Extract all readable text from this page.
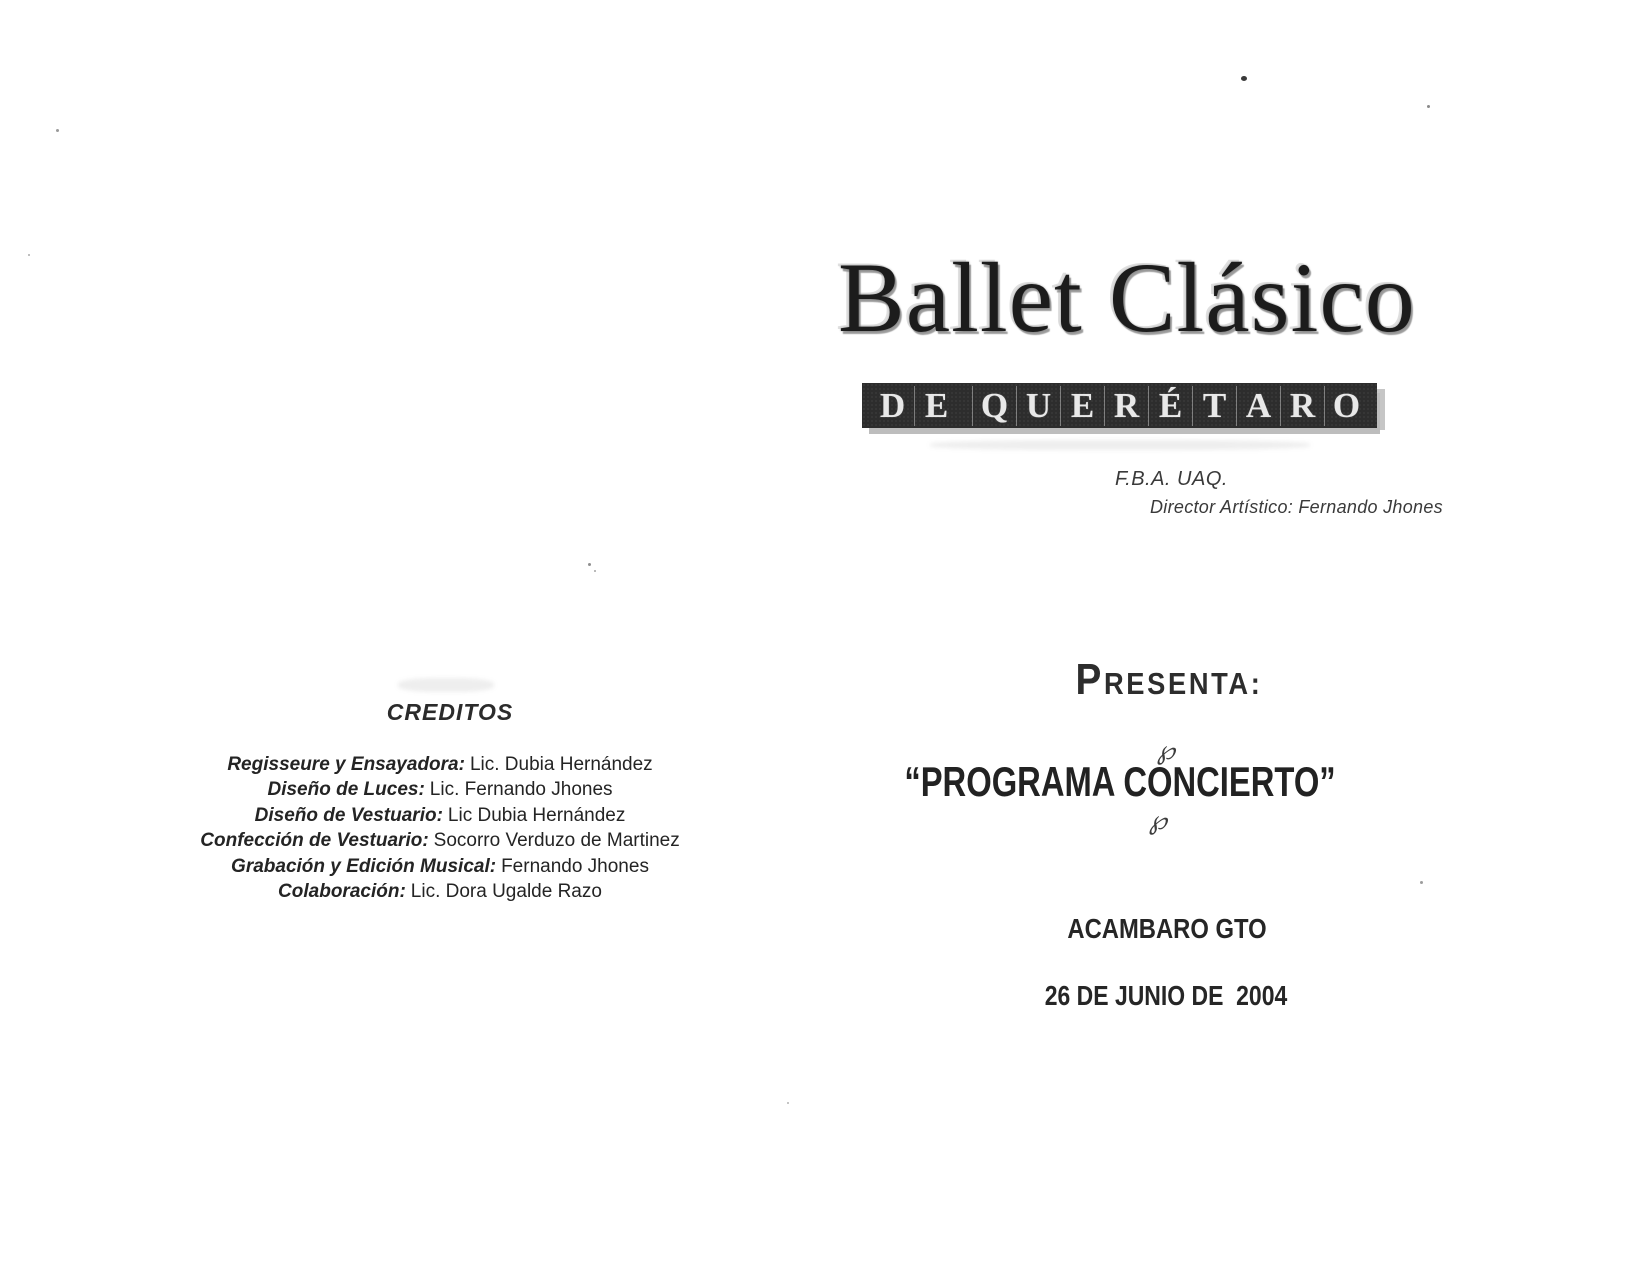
Ballet Clásico
D E Q U E R É T A R O
F.B.A. UAQ.
Director Artístico: Fernando Jhones
PRESENTA:
℘
“PROGRAMA CONCIERTO”
℘
ACAMBARO GTO
26 DE JUNIO DE  2004
CREDITOS
Regisseure y Ensayadora: Lic. Dubia Hernández
Diseño de Luces: Lic. Fernando Jhones
Diseño de Vestuario: Lic Dubia Hernández
Confección de Vestuario: Socorro Verduzo de Martinez
Grabación y Edición Musical: Fernando Jhones
Colaboración: Lic. Dora Ugalde Razo
